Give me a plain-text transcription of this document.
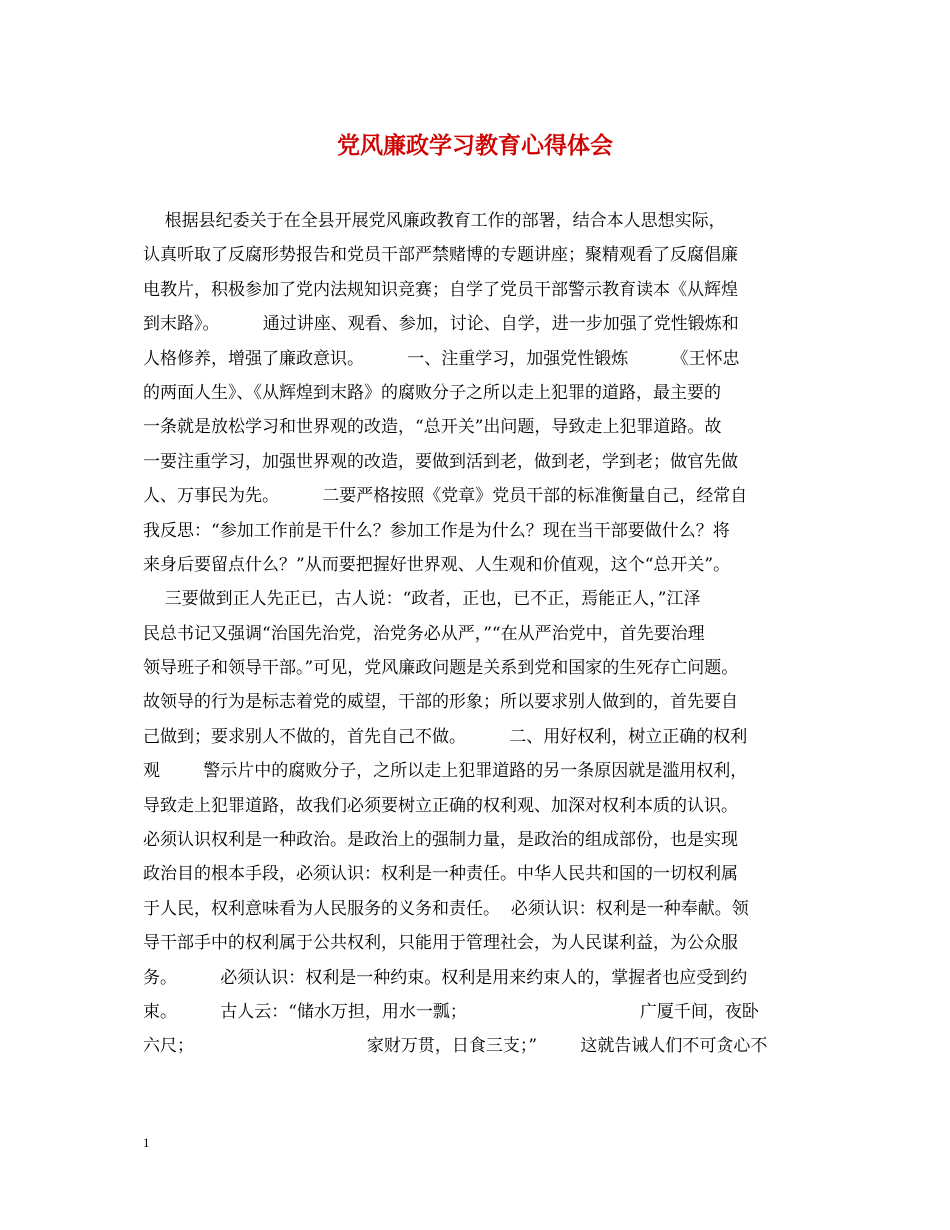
党风廉政学习教育心得体会
根据县纪委关于在全县开展党风廉政教育工作的部署，结合本人思想实际，
认真听取了反腐形势报告和党员干部严禁赌博的专题讲座；聚精观看了反腐倡廉
电教片，积极参加了党内法规知识竞赛；自学了党员干部警示教育读本《从辉煌
到末路》。        通过讲座、观看、参加，讨论、自学，进一步加强了党性锻炼和
人格修养，增强了廉政意识。        一、注重学习，加强党性锻炼        《王怀忠
的两面人生》、《从辉煌到末路》的腐败分子之所以走上犯罪的道路，最主要的
一条就是放松学习和世界观的改造，“总开关”出问题，导致走上犯罪道路。故
一要注重学习，加强世界观的改造，要做到活到老，做到老，学到老；做官先做
人、万事民为先。        二要严格按照《党章》党员干部的标准衡量自己，经常自
我反思：“参加工作前是干什么？参加工作是为什么？现在当干部要做什么？将
来身后要留点什么？”从而要把握好世界观、人生观和价值观，这个“总开关”。
三要做到正人先正已，古人说：“政者，正也，已不正，焉能正人，”江泽
民总书记又强调“治国先治党，治党务必从严，”“在从严治党中，首先要治理
领导班子和领导干部。”可见，党风廉政问题是关系到党和国家的生死存亡问题。
故领导的行为是标志着党的威望，干部的形象；所以要求别人做到的，首先要自
己做到；要求别人不做的，首先自己不做。        二、用好权利，树立正确的权利
观        警示片中的腐败分子，之所以走上犯罪道路的另一条原因就是滥用权利，
导致走上犯罪道路，故我们必须要树立正确的权利观、加深对权利本质的认识。
必须认识权利是一种政治。是政治上的强制力量，是政治的组成部份，也是实现
政治目的根本手段，必须认识：权利是一种责任。中华人民共和国的一切权利属
于人民，权利意味看为人民服务的义务和责任。  必须认识：权利是一种奉献。领
导干部手中的权利属于公共权利，只能用于管理社会，为人民谋利益，为公众服
务。        必须认识：权利是一种约束。权利是用来约束人的，掌握者也应受到约
束。        古人云：“储水万担，用水一瓢；                                广厦千间，夜卧
六尺；                                家财万贯，日食三支；”        这就告诫人们不可贪心不
1
